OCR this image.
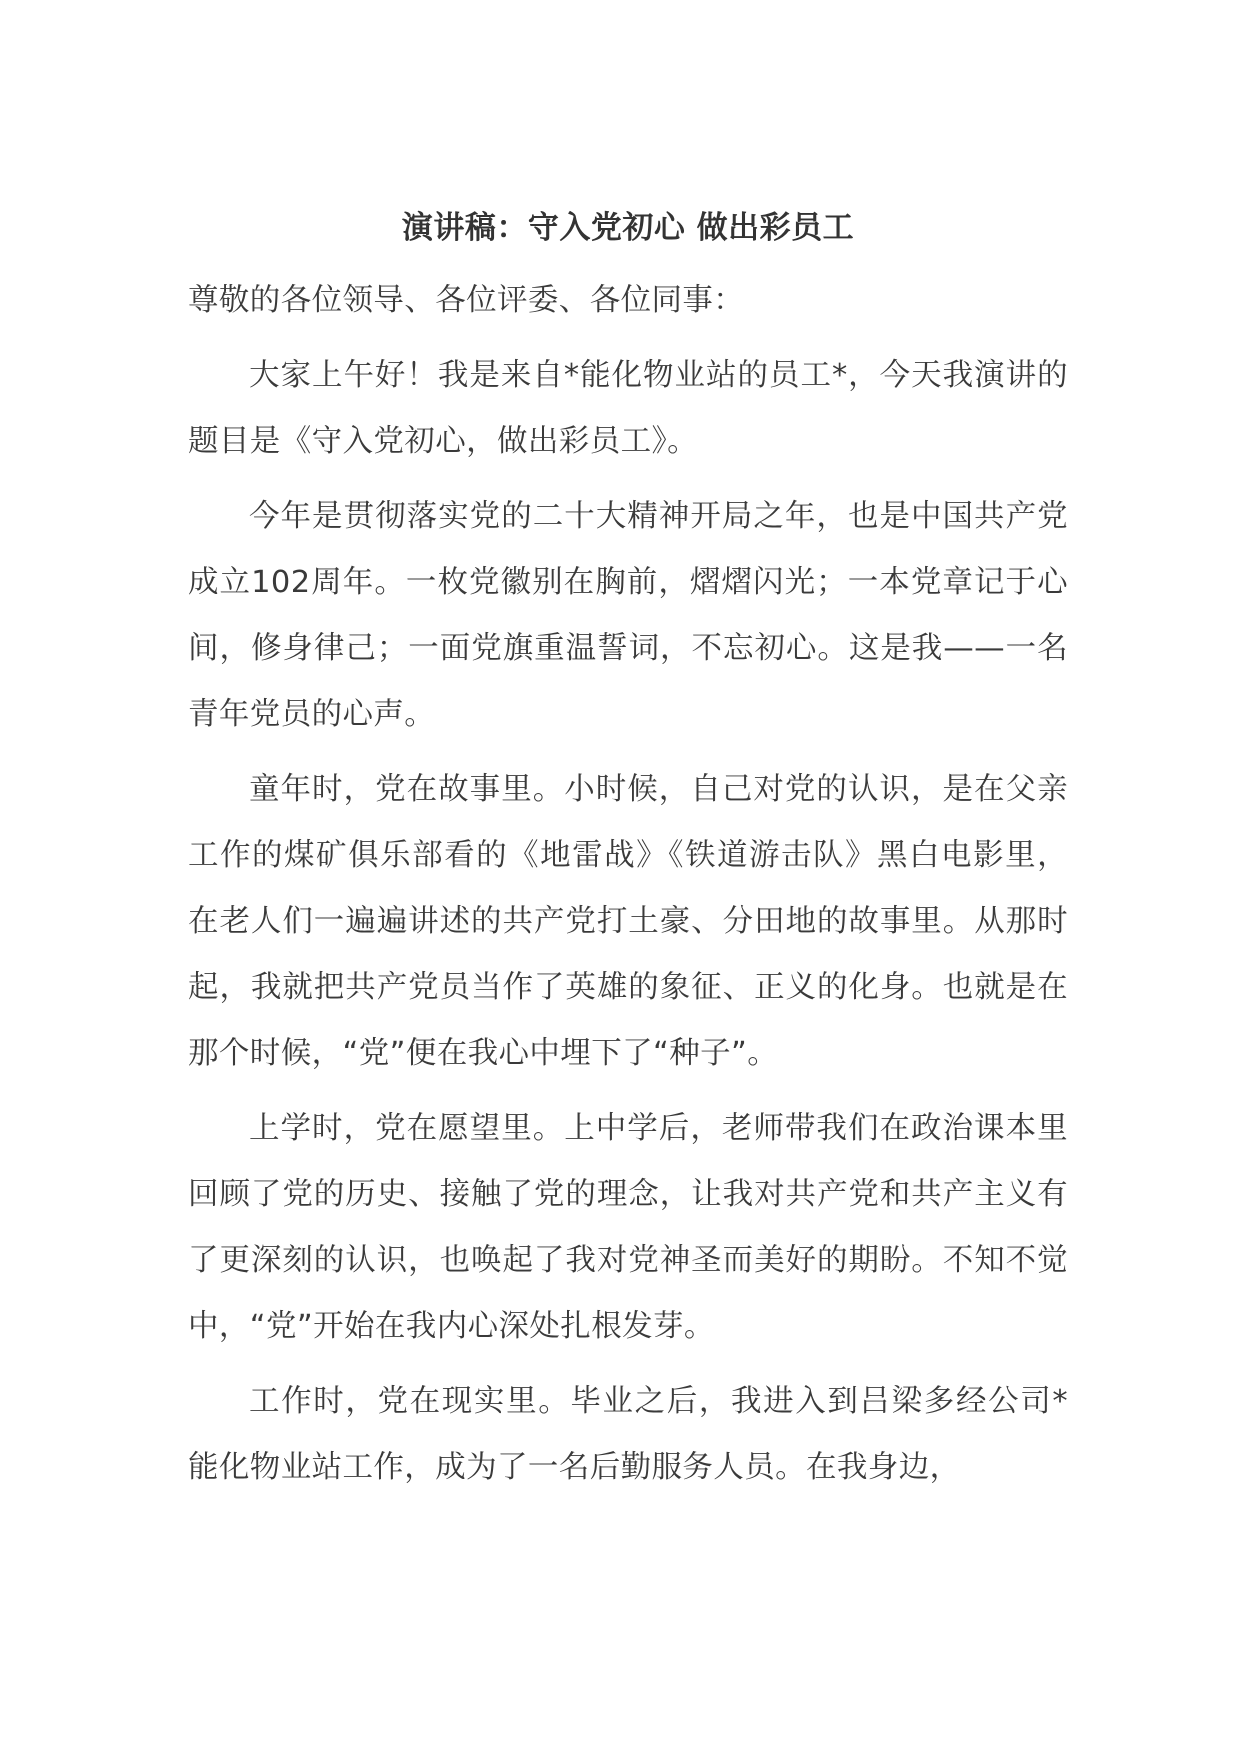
演讲稿：守入党初心 做出彩员工

尊敬的各位领导、各位评委、各位同事：

大家上午好！我是来自*能化物业站的员工*，今天我演讲的题目是《守入党初心，做出彩员工》。

今年是贯彻落实党的二十大精神开局之年，也是中国共产党成立102周年。一枚党徽别在胸前，熠熠闪光；一本党章记于心间，修身律己；一面党旗重温誓词，不忘初心。这是我——一名青年党员的心声。

童年时，党在故事里。小时候，自己对党的认识，是在父亲工作的煤矿俱乐部看的《地雷战》《铁道游击队》黑白电影里，在老人们一遍遍讲述的共产党打土豪、分田地的故事里。从那时起，我就把共产党员当作了英雄的象征、正义的化身。也就是在那个时候，“党”便在我心中埋下了“种子”。

上学时，党在愿望里。上中学后，老师带我们在政治课本里回顾了党的历史、接触了党的理念，让我对共产党和共产主义有了更深刻的认识，也唤起了我对党神圣而美好的期盼。不知不觉中，“党”开始在我内心深处扎根发芽。

工作时，党在现实里。毕业之后，我进入到吕梁多经公司*能化物业站工作，成为了一名后勤服务人员。在我身边，
